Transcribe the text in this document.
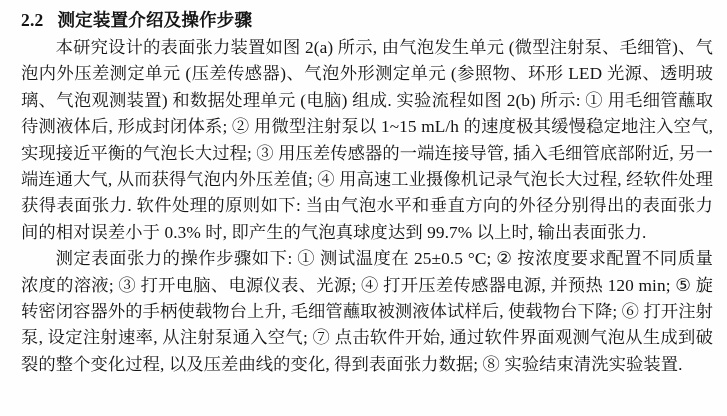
2.2 测定装置介绍及操作步骤

本研究设计的表面张力装置如图 2(a) 所示, 由气泡发生单元 (微型注射泵、毛细管)、气泡内外压差测定单元 (压差传感器)、气泡外形测定单元 (参照物、环形 LED 光源、透明玻璃、气泡观测装置) 和数据处理单元 (电脑) 组成. 实验流程如图 2(b) 所示: ① 用毛细管蘸取待测液体后, 形成封闭体系; ② 用微型注射泵以 1~15 mL/h 的速度极其缓慢稳定地注入空气, 实现接近平衡的气泡长大过程; ③ 用压差传感器的一端连接导管, 插入毛细管底部附近, 另一端连通大气, 从而获得气泡内外压差值; ④ 用高速工业摄像机记录气泡长大过程, 经软件处理获得表面张力. 软件处理的原则如下: 当由气泡水平和垂直方向的外径分别得出的表面张力间的相对误差小于 0.3% 时, 即产生的气泡真球度达到 99.7% 以上时, 输出表面张力.

测定表面张力的操作步骤如下: ① 测试温度在 25±0.5 °C; ② 按浓度要求配置不同质量浓度的溶液; ③ 打开电脑、电源仪表、光源; ④ 打开压差传感器电源, 并预热 120 min; ⑤ 旋转密闭容器外的手柄使载物台上升, 毛细管蘸取被测液体试样后, 使载物台下降; ⑥ 打开注射泵, 设定注射速率, 从注射泵通入空气; ⑦ 点击软件开始, 通过软件界面观测气泡从生成到破裂的整个变化过程, 以及压差曲线的变化, 得到表面张力数据; ⑧ 实验结束清洗实验装置.
